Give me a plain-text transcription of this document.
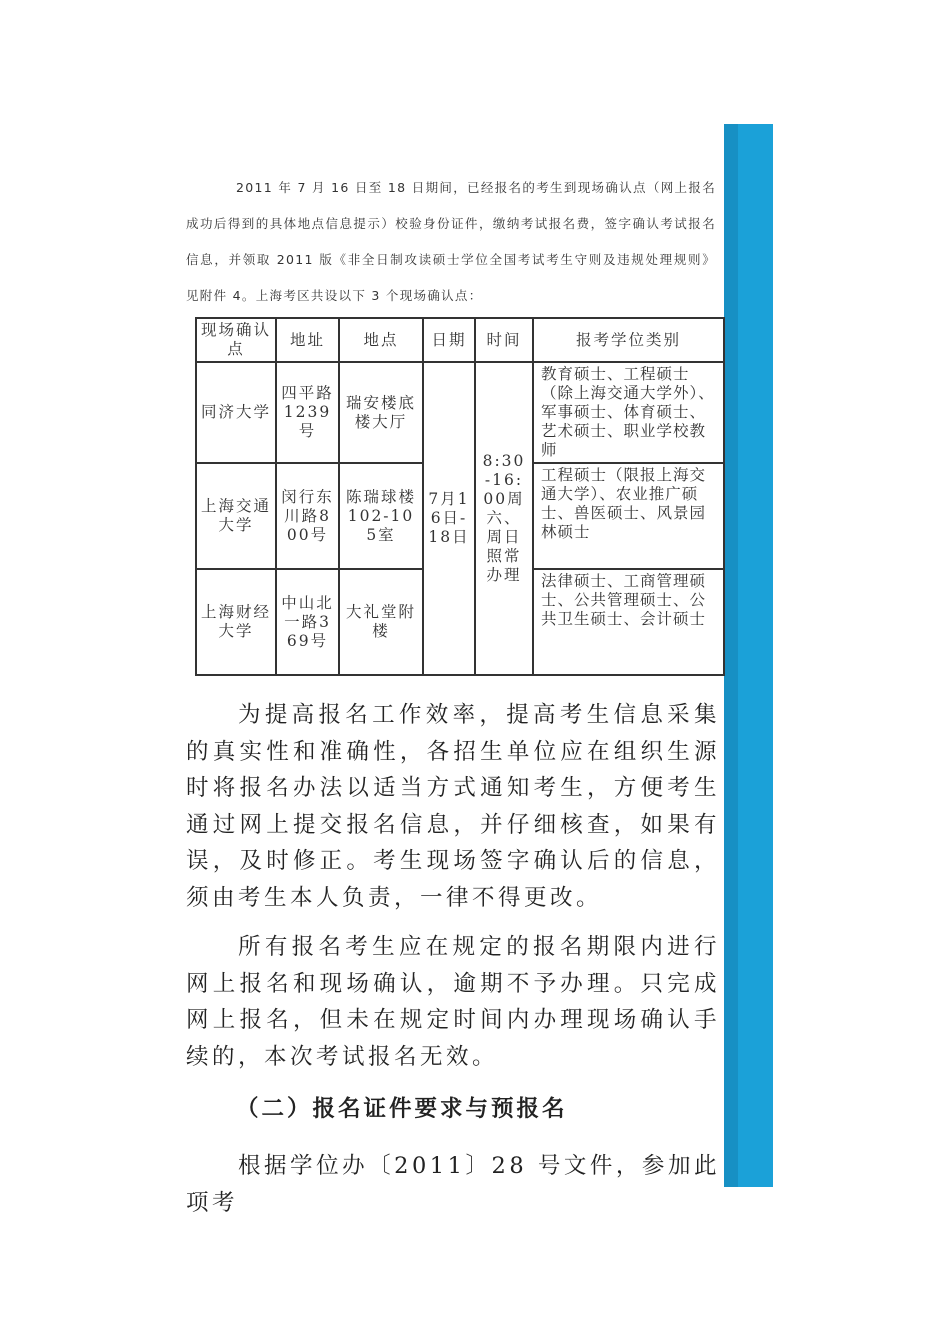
2011 年 7 月 16 日至 18 日期间，已经报名的考生到现场确认点（网上报名成功后得到的具体地点信息提示）校验身份证件，缴纳考试报名费，签字确认考试报名信息，并领取 2011 版《非全日制攻读硕士学位全国考试考生守则及违规处理规则》见附件 4。上海考区共设以下 3 个现场确认点：

现场确认点	地址	地点	日期	时间	报考学位类别
同济大学	四平路1239号	瑞安楼底楼大厅	7月16日-18日	8:30-16:00周六、周日照常办理	教育硕士、工程硕士（除上海交通大学外）、军事硕士、体育硕士、艺术硕士、职业学校教师
上海交通大学	闵行东川路800号	陈瑞球楼102-105室			工程硕士（限报上海交通大学）、农业推广硕士、兽医硕士、风景园林硕士
上海财经大学	中山北一路369号	大礼堂附楼			法律硕士、工商管理硕士、公共管理硕士、公共卫生硕士、会计硕士

为提高报名工作效率，提高考生信息采集的真实性和准确性，各招生单位应在组织生源时将报名办法以适当方式通知考生，方便考生通过网上提交报名信息，并仔细核查，如果有误，及时修正。考生现场签字确认后的信息，须由考生本人负责，一律不得更改。

所有报名考生应在规定的报名期限内进行网上报名和现场确认，逾期不予办理。只完成网上报名，但未在规定时间内办理现场确认手续的，本次考试报名无效。

（二）报名证件要求与预报名

根据学位办〔2011〕28 号文件，参加此项考
